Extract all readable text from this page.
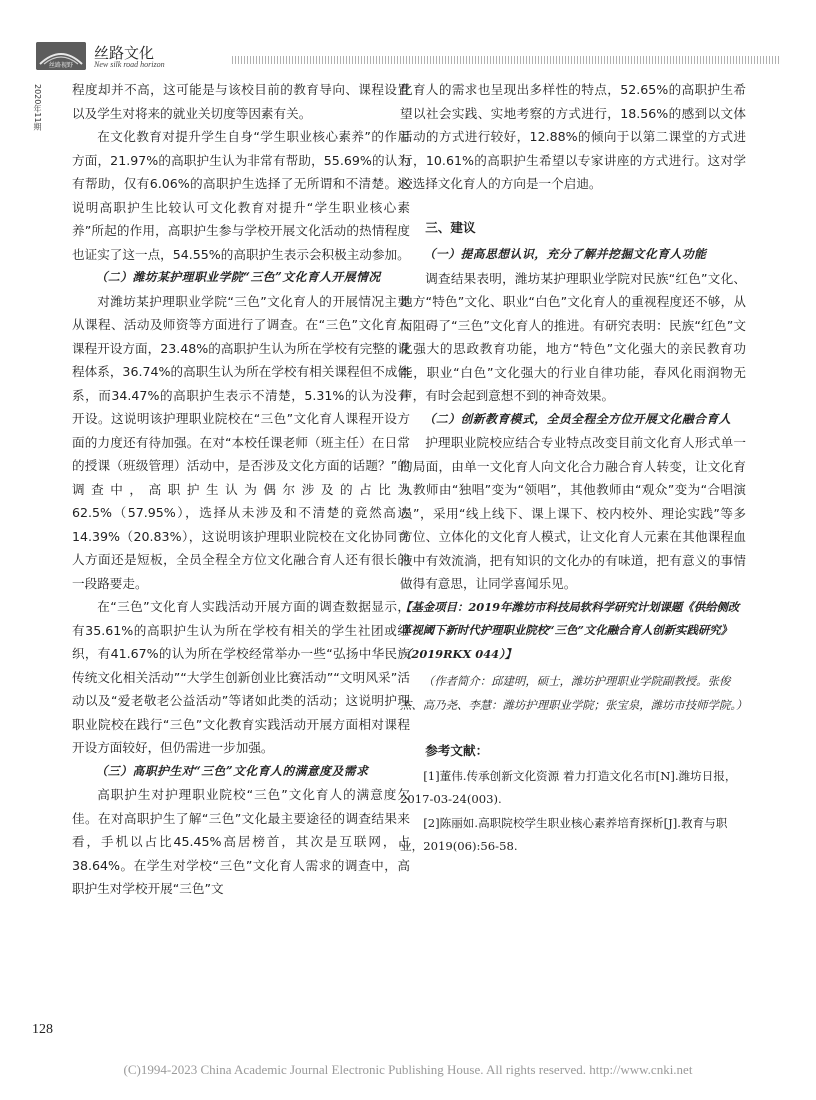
丝路视野
丝路文化
New silk road horizon
2020年11期 程度却并不高，这可能是与该校目前的教育导向、课程设置以及学生对将来的就业关切度等因素有关。

在文化教育对提升学生自身“学生职业核心素养”的作用方面，21.97%的高职护生认为非常有帮助，55.69%的认为有帮助，仅有6.06%的高职护生选择了无所谓和不清楚。这说明高职护生比较认可文化教育对提升“学生职业核心素养”所起的作用，高职护生参与学校开展文化活动的热情程度也证实了这一点，54.55%的高职护生表示会积极主动参加。

（二）潍坊某护理职业学院“三色”文化育人开展情况

对潍坊某护理职业学院“三色”文化育人的开展情况主要从课程、活动及师资等方面进行了调查。在“三色”文化育人课程开设方面，23.48%的高职护生认为所在学校有完整的课程体系，36.74%的高职生认为所在学校有相关课程但不成体系，而34.47%的高职护生表示不清楚，5.31%的认为没有开设。这说明该护理职业院校在“三色”文化育人课程开设方面的力度还有待加强。在对“本校任课老师（班主任）在日常的授课（班级管理）活动中，是否涉及文化方面的话题？”的调查中，高职护生认为偶尔涉及的占比为62.5%（57.95%），选择从未涉及和不清楚的竟然高达14.39%（20.83%），这说明该护理职业院校在文化协同育人方面还是短板，全员全程全方位文化融合育人还有很长的一段路要走。

在“三色”文化育人实践活动开展方面的调查数据显示，有35.61%的高职护生认为所在学校有相关的学生社团或组织，有41.67%的认为所在学校经常举办一些“弘扬中华民族传统文化相关活动”“大学生创新创业比赛活动”“文明风采”活动以及“爱老敬老公益活动”等诸如此类的活动；这说明护理职业院校在践行“三色”文化教育实践活动开展方面相对课程开设方面较好，但仍需进一步加强。

（三）高职护生对“三色”文化育人的满意度及需求

高职护生对护理职业院校“三色”文化育人的满意度欠佳。在对高职护生了解“三色”文化最主要途径的调查结果来看，手机以占比45.45%高居榜首，其次是互联网，占38.64%。在学生对学校“三色”文化育人需求的调查中，高职护生对学校开展“三色”文

化育人的需求也呈现出多样性的特点，52.65%的高职护生希望以社会实践、实地考察的方式进行，18.56%的感到以文体活动的方式进行较好，12.88%的倾向于以第二课堂的方式进行，10.61%的高职护生希望以专家讲座的方式进行。这对学校选择文化育人的方向是一个启迪。

三、建议

（一）提高思想认识，充分了解并挖掘文化育人功能

调查结果表明，潍坊某护理职业学院对民族“红色”文化、地方“特色”文化、职业“白色”文化育人的重视程度还不够，从而阻碍了“三色”文化育人的推进。有研究表明：民族“红色”文化强大的思政教育功能，地方“特色”文化强大的亲民教育功能，职业“白色”文化强大的行业自律功能，春风化雨润物无声，有时会起到意想不到的神奇效果。

（二）创新教育模式，全员全程全方位开展文化融合育人

护理职业院校应结合专业特点改变目前文化育人形式单一的局面，由单一文化育人向文化合力融合育人转变，让文化育人教师由“独唱”变为“领唱”，其他教师由“观众”变为“合唱演员”，采用“线上线下、课上课下、校内校外、理论实践”等多方位、立体化的文化育人模式，让文化育人元素在其他课程血液中有效流淌，把有知识的文化办的有味道，把有意义的事情做得有意思，让同学喜闻乐见。

【基金项目：2019年潍坊市科技局软科学研究计划课题《供给侧改革视阈下新时代护理职业院校“三色”文化融合育人创新实践研究》（2019RKX 044）】

（作者简介：邱建明，硕士，潍坊护理职业学院副教授。张俊杰、高乃尧、李慧：潍坊护理职业学院；张宝泉，潍坊市技师学院。）

参考文献：

[1]董伟.传承创新文化资源 着力打造文化名市[N].潍坊日报，2017-03-24(003).

[2]陈丽如.高职院校学生职业核心素养培育探析[J].教育与职业，2019(06):56-58.

128
(C)1994-2023 China Academic Journal Electronic Publishing House. All rights reserved. http://www.cnki.net
